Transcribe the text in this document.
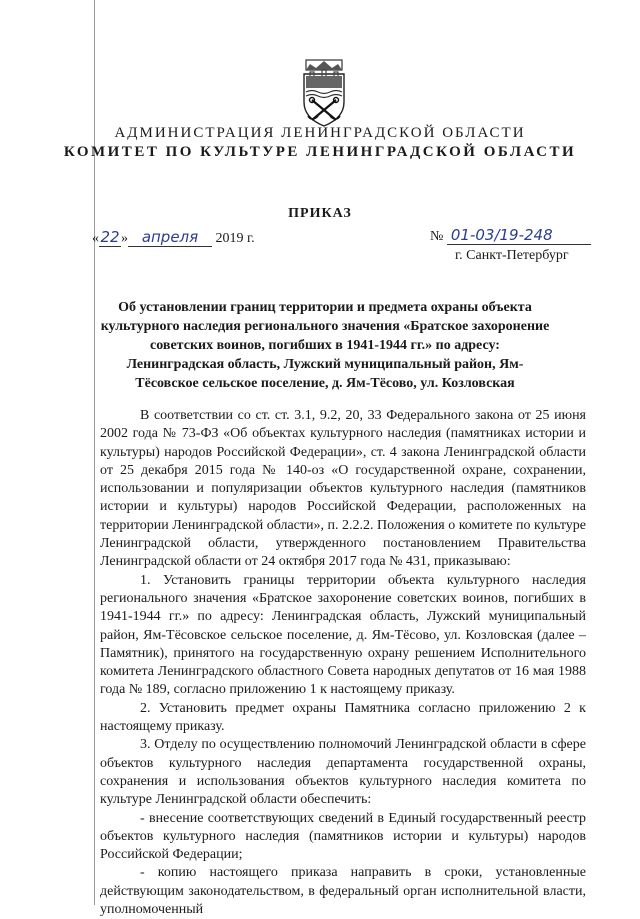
АДМИНИСТРАЦИЯ ЛЕНИНГРАДСКОЙ ОБЛАСТИ
КОМИТЕТ ПО КУЛЬТУРЕ ЛЕНИНГРАДСКОЙ ОБЛАСТИ
ПРИКАЗ
«22» апреля 2019 г.	№ 01-03/19-248
г. Санкт-Петербург
Об установлении границ территории и предмета охраны объекта культурного наследия регионального значения «Братское захоронение советских воинов, погибших в 1941-1944 гг.» по адресу: Ленинградская область, Лужский муниципальный район, Ям-Тёсовское сельское поселение, д. Ям-Тёсово, ул. Козловская

В соответствии со ст. ст. 3.1, 9.2, 20, 33 Федерального закона от 25 июня 2002 года № 73-ФЗ «Об объектах культурного наследия (памятниках истории и культуры) народов Российской Федерации», ст. 4 закона Ленинградской области от 25 декабря 2015 года № 140-оз «О государственной охране, сохранении, использовании и популяризации объектов культурного наследия (памятников истории и культуры) народов Российской Федерации, расположенных на территории Ленинградской области», п. 2.2.2. Положения о комитете по культуре Ленинградской области, утвержденного постановлением Правительства Ленинградской области от 24 октября 2017 года № 431, приказываю:

1. Установить границы территории объекта культурного наследия регионального значения «Братское захоронение советских воинов, погибших в 1941-1944 гг.» по адресу: Ленинградская область, Лужский муниципальный район, Ям-Тёсовское сельское поселение, д. Ям-Тёсово, ул. Козловская (далее – Памятник), принятого на государственную охрану решением Исполнительного комитета Ленинградского областного Совета народных депутатов от 16 мая 1988 года № 189, согласно приложению 1 к настоящему приказу.

2. Установить предмет охраны Памятника согласно приложению 2 к настоящему приказу.

3. Отделу по осуществлению полномочий Ленинградской области в сфере объектов культурного наследия департамента государственной охраны, сохранения и использования объектов культурного наследия комитета по культуре Ленинградской области обеспечить:

- внесение соответствующих сведений в Единый государственный реестр объектов культурного наследия (памятников истории и культуры) народов Российской Федерации;

- копию настоящего приказа направить в сроки, установленные действующим законодательством, в федеральный орган исполнительной власти, уполномоченный
